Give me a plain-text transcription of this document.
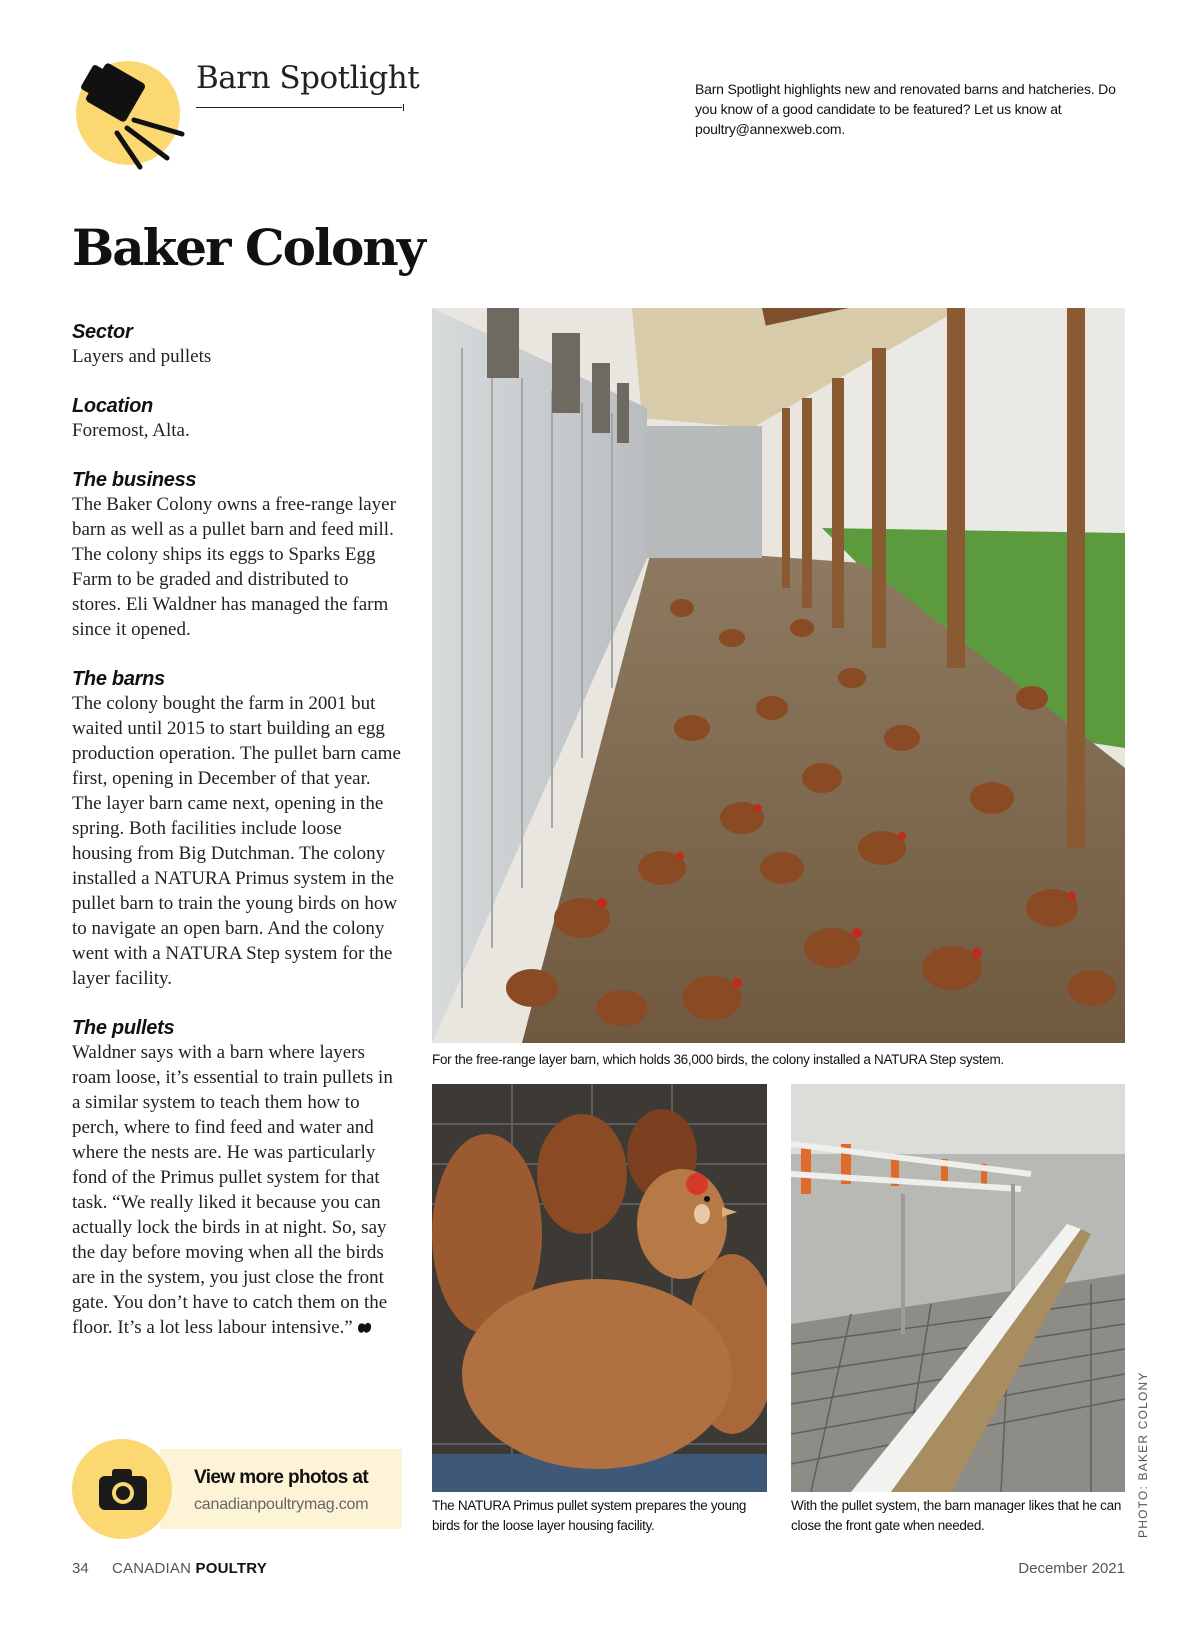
Barn Spotlight	Barn Spotlight highlights new and renovated barns and hatcheries. Do you know of a good candidate to be featured? Let us know at poultry@annexweb.com.
Baker Colony
Sector
Layers and pullets
Location
Foremost, Alta.
The business
The Baker Colony owns a free-range layer barn as well as a pullet barn and feed mill. The colony ships its eggs to Sparks Egg Farm to be graded and distributed to stores. Eli Waldner has managed the farm since it opened.
The barns
The colony bought the farm in 2001 but waited until 2015 to start building an egg production operation. The pullet barn came first, opening in December of that year. The layer barn came next, opening in the spring. Both facilities include loose housing from Big Dutchman. The colony installed a NATURA Primus system in the pullet barn to train the young birds on how to navigate an open barn. And the colony went with a NATURA Step system for the layer facility.
The pullets
Waldner says with a barn where layers roam loose, it’s essential to train pullets in a similar system to teach them how to perch, where to find feed and water and where the nests are. He was particularly fond of the Primus pullet system for that task. “We really liked it because you can actually lock the birds in at night. So, say the day before moving when all the birds are in the system, you just close the front gate. You don’t have to catch them on the floor. It’s a lot less labour intensive.”
View more photos at
canadianpoultrymag.com
For the free-range layer barn, which holds 36,000 birds, the colony installed a NATURA Step system.
The NATURA Primus pullet system prepares the young birds for the loose layer housing facility.
With the pullet system, the barn manager likes that he can close the front gate when needed.	PHOTO: BAKER COLONY
34 CANADIAN POULTRY	December 2021
